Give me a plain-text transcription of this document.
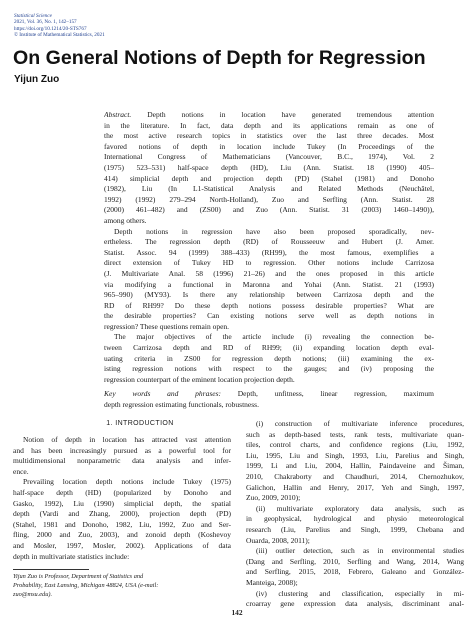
Statistical Science
2021, Vol. 36, No. 1, 142–157
https://doi.org/10.1214/20-STS767
© Institute of Mathematical Statistics, 2021
On General Notions of Depth for Regression
Yijun Zuo
Abstract. Depth notions in location have generated tremendous attention
in the literature. In fact, data depth and its applications remain as one of
the most active research topics in statistics over the last three decades. Most
favored notions of depth in location include Tukey (In Proceedings of the
International Congress of Mathematicians (Vancouver, B.C., 1974), Vol. 2
(1975) 523–531) half-space depth (HD), Liu (Ann. Statist. 18 (1990) 405–
414) simplicial depth and projection depth (PD) (Stahel (1981) and Donoho
(1982), Liu (In L1-Statistical Analysis and Related Methods (Neuchâtel,
1992) (1992) 279–294 North-Holland), Zuo and Serfling (Ann. Statist. 28
(2000) 461–482) and (ZS00) and Zuo (Ann. Statist. 31 (2003) 1460–1490)),
among others.
Depth notions in regression have also been proposed sporadically, nev-
ertheless. The regression depth (RD) of Rousseeuw and Hubert (J. Amer.
Statist. Assoc. 94 (1999) 388–433) (RH99), the most famous, exemplifies a
direct extension of Tukey HD to regression. Other notions include Carrizosa
(J. Multivariate Anal. 58 (1996) 21–26) and the ones proposed in this article
via modifying a functional in Maronna and Yohai (Ann. Statist. 21 (1993)
965–990) (MY93). Is there any relationship between Carrizosa depth and the
RD of RH99? Do these depth notions possess desirable properties? What are
the desirable properties? Can existing notions serve well as depth notions in
regression? These questions remain open.
The major objectives of the article include (i) revealing the connection be-
tween Carrizosa depth and RD of RH99; (ii) expanding location depth eval-
uating criteria in ZS00 for regression depth notions; (iii) examining the ex-
isting regression notions with respect to the gauges; and (iv) proposing the
regression counterpart of the eminent location projection depth.
Key words and phrases: Depth, unfitness, linear regression, maximum
depth regression estimating functionals, robustness.
1. INTRODUCTION
Notion of depth in location has attracted vast attention
and has been increasingly pursued as a powerful tool for
multidimensional nonparametric data analysis and infer-
ence.
Prevailing location depth notions include Tukey (1975)
half-space depth (HD) (popularized by Donoho and
Gasko, 1992), Liu (1990) simplicial depth, the spatial
depth (Vardi and Zhang, 2000), projection depth (PD)
(Stahel, 1981 and Donoho, 1982, Liu, 1992, Zuo and Ser-
fling, 2000 and Zuo, 2003), and zonoid depth (Koshevoy
and Mosler, 1997, Mosler, 2002). Applications of data
depth in multivariate statistics include:
(i) construction of multivariate inference procedures,
such as depth-based tests, rank tests, multivariate quan-
tiles, control charts, and confidence regions (Liu, 1992,
Liu, 1995, Liu and Singh, 1993, Liu, Parelius and Singh,
1999, Li and Liu, 2004, Hallin, Paindaveine and Šiman,
2010, Chakraborty and Chaudhuri, 2014, Chernozhukov,
Galichon, Hallin and Henry, 2017, Yeh and Singh, 1997,
Zuo, 2009, 2010);
(ii) multivariate exploratory data analysis, such as
in geophysical, hydrological and physio meteorological
research (Liu, Parelius and Singh, 1999, Chebana and
Ouarda, 2008, 2011);
(iii) outlier detection, such as in environmental studies
(Dang and Serfling, 2010, Serfling and Wang, 2014, Wang
and Serfling, 2015, 2018, Febrero, Galeano and González-
Manteiga, 2008);
(iv) clustering and classification, especially in mi-
croarray gene expression data analysis, discriminant anal-
Yijun Zuo is Professor, Department of Statistics and
Probability, East Lansing, Michigan 48824, USA (e-mail:
zuo@msu.edu).
142
